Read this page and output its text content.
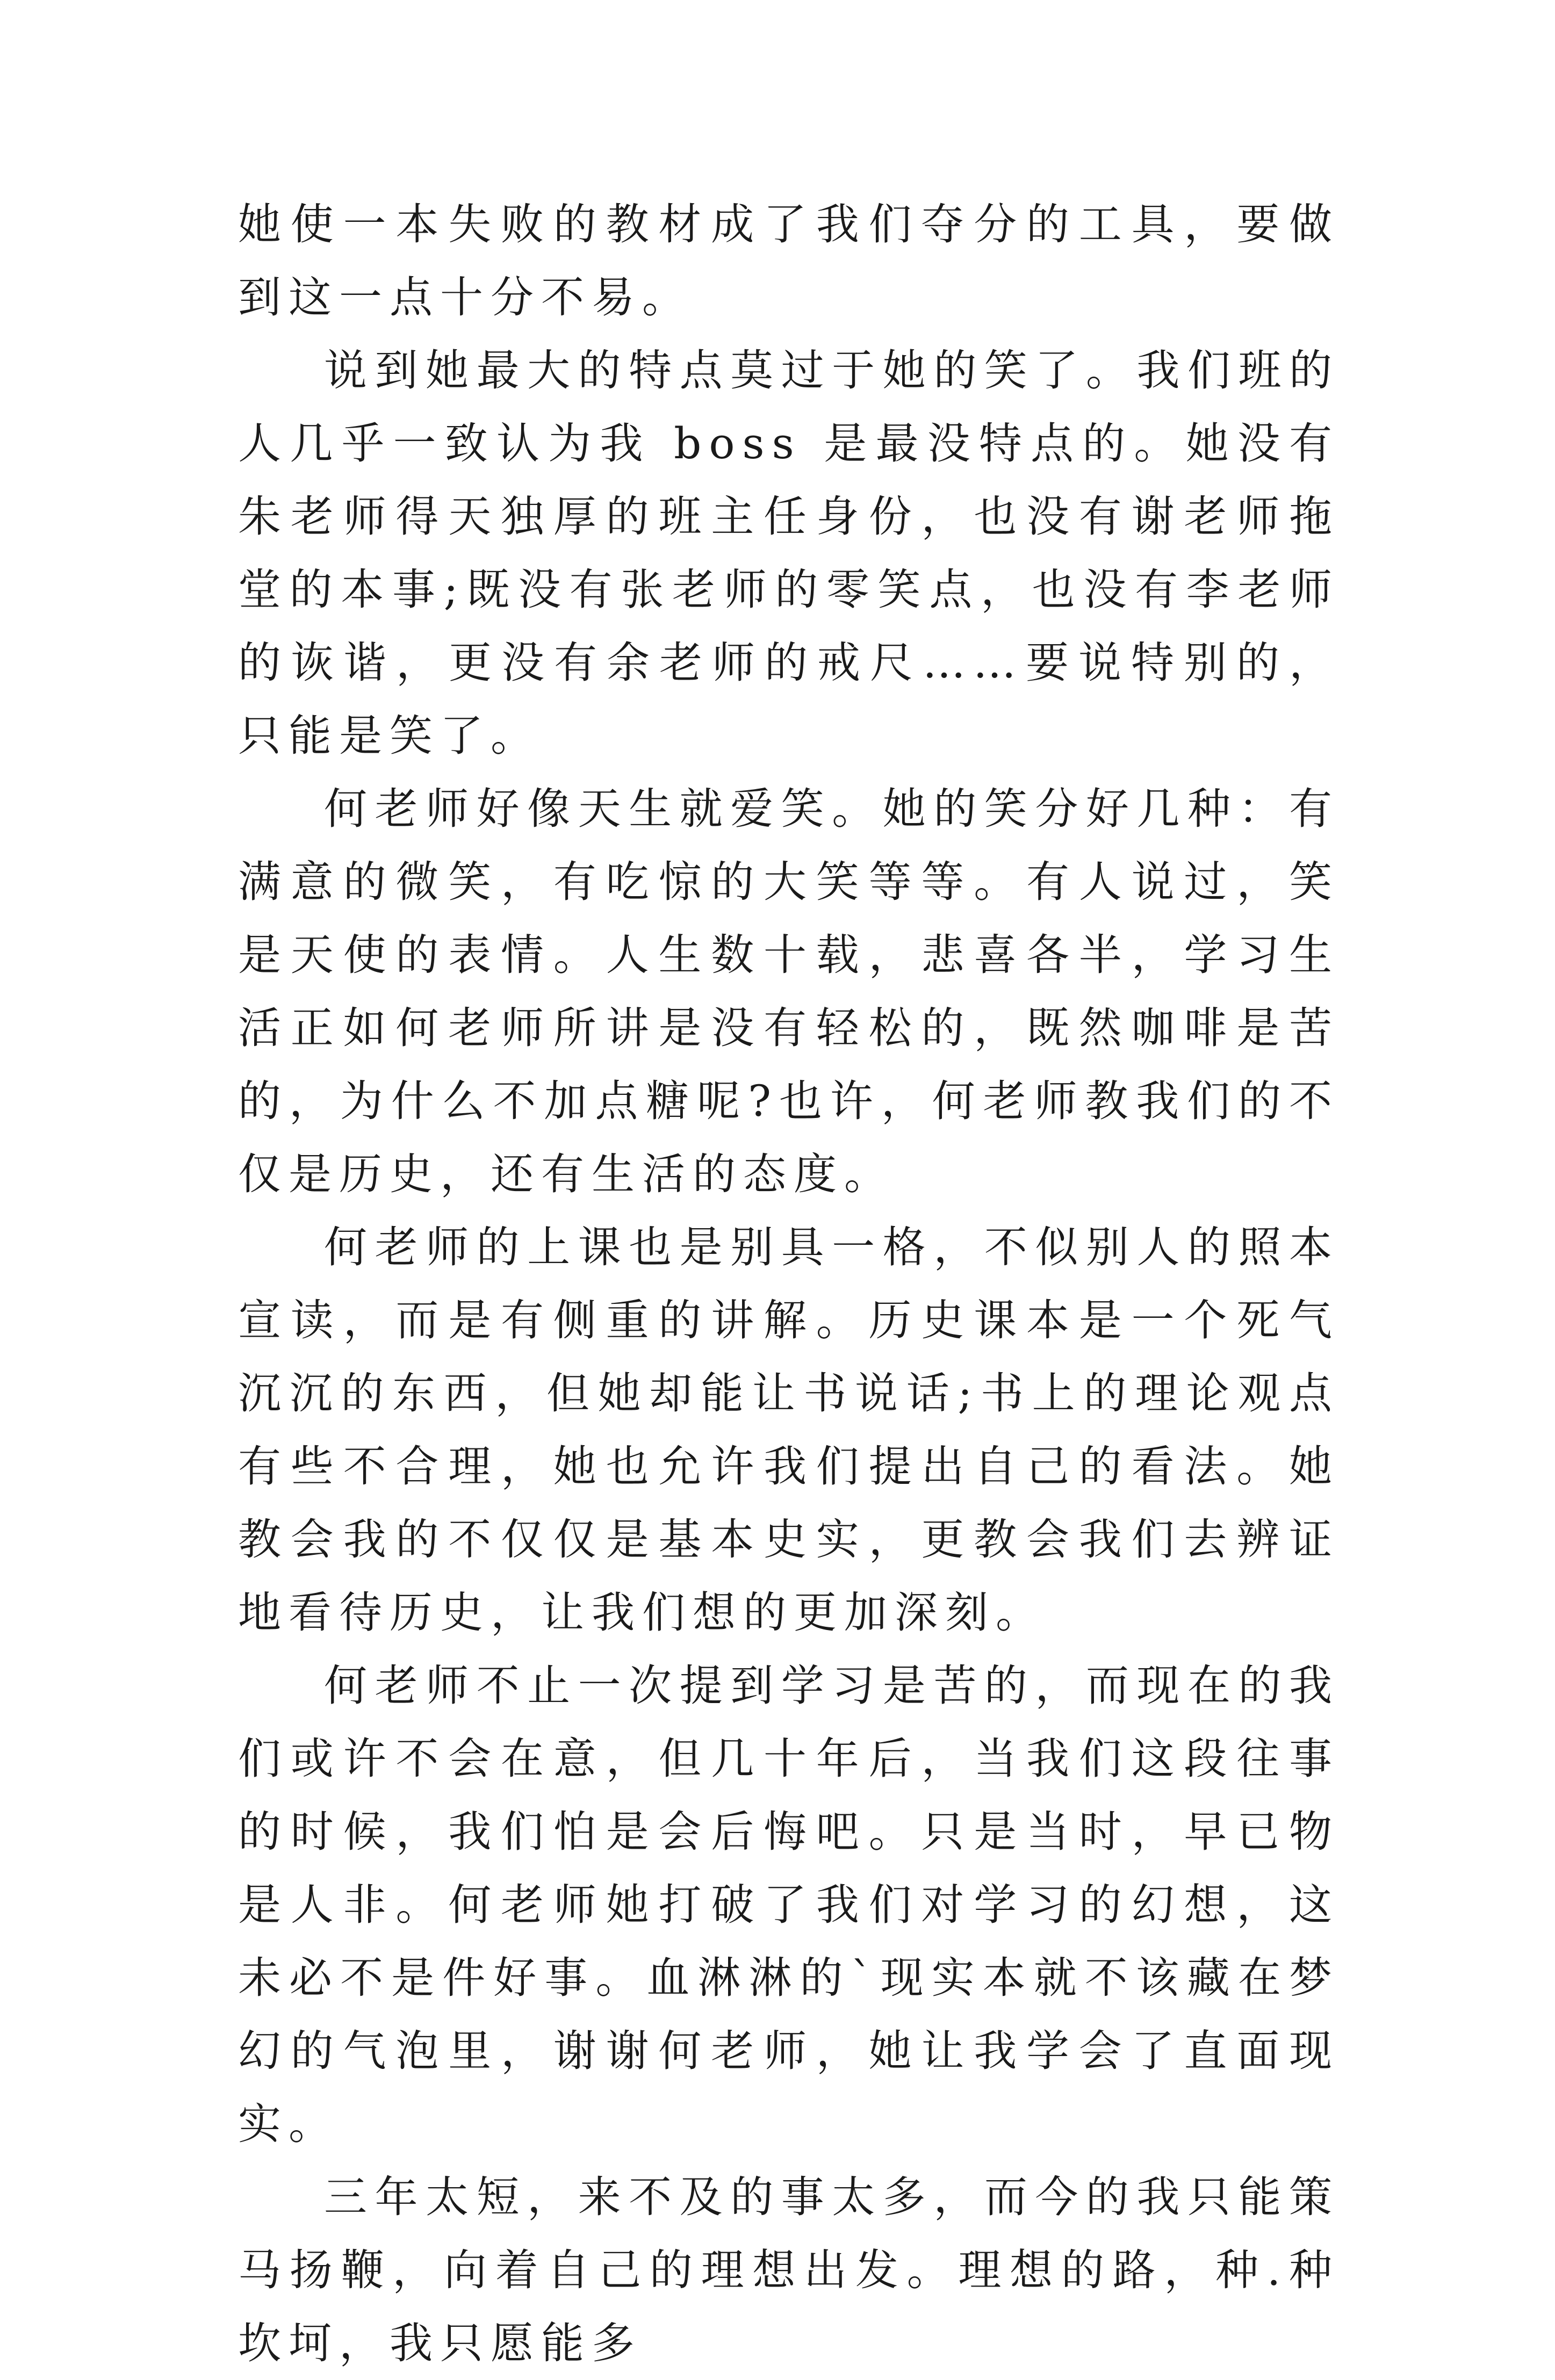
她使一本失败的教材成了我们夺分的工具，要做到这一点十分不易。

说到她最大的特点莫过于她的笑了。我们班的人几乎一致认为我 boss 是最没特点的。她没有朱老师得天独厚的班主任身份，也没有谢老师拖堂的本事;既没有张老师的零笑点，也没有李老师的诙谐，更没有余老师的戒尺……要说特别的，只能是笑了。

何老师好像天生就爱笑。她的笑分好几种：有满意的微笑，有吃惊的大笑等等。有人说过，笑是天使的表情。人生数十载，悲喜各半，学习生活正如何老师所讲是没有轻松的，既然咖啡是苦的，为什么不加点糖呢?也许，何老师教我们的不仅是历史，还有生活的态度。

何老师的上课也是别具一格，不似别人的照本宣读，而是有侧重的讲解。历史课本是一个死气沉沉的东西，但她却能让书说话;书上的理论观点有些不合理，她也允许我们提出自己的看法。她教会我的不仅仅是基本史实，更教会我们去辨证地看待历史，让我们想的更加深刻。

何老师不止一次提到学习是苦的，而现在的我们或许不会在意，但几十年后，当我们这段往事的时候，我们怕是会后悔吧。只是当时，早已物是人非。何老师她打破了我们对学习的幻想，这未必不是件好事。血淋淋的`现实本就不该藏在梦幻的气泡里，谢谢何老师，她让我学会了直面现实。

三年太短，来不及的事太多，而今的我只能策马扬鞭，向着自己的理想出发。理想的路，种.种坎坷，我只愿能多
